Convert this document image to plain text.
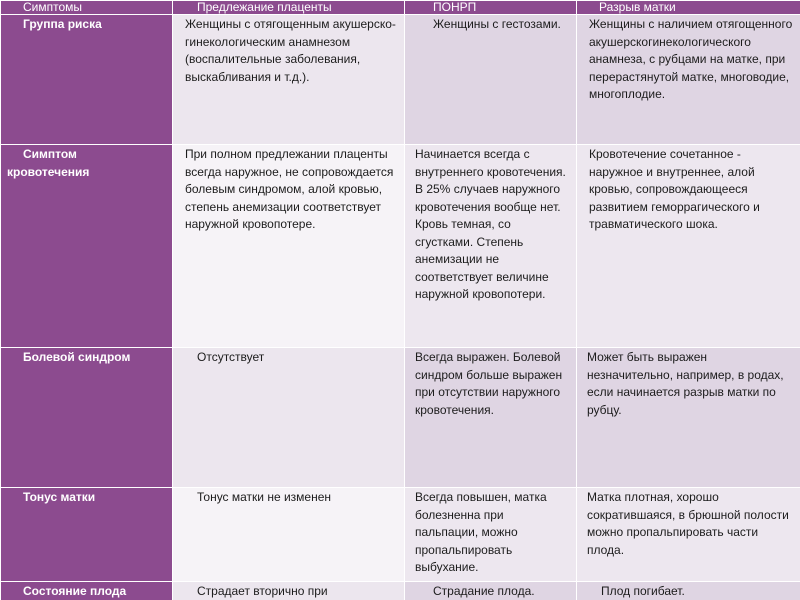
Симптомы	Предлежание плаценты	ПОНРП	Разрыв матки

Группа риска	Женщины с отягощенным акушерско-гинекологическим анамнезом (воспалительные заболевания, выскабливания и т.д.).	Женщины с гестозами.	Женщины с наличием отягощенного акушерскогинекологического анамнеза, с рубцами на матке, при перерастянутой матке, многоводие, многоплодие.

Симптом
кровотечения	При полном предлежании плаценты всегда наружное, не сопровождается болевым синдромом, алой кровью, степень анемизации соответствует наружной кровопотере.	Начинается всегда с внутреннего кровотечения. В 25% случаев наружного кровотечения вообще нет. Кровь темная, со сгустками. Степень анемизации не соответствует величине наружной кровопотери.	Кровотечение сочетанное - наружное и внутреннее, алой кровью, сопровождающееся развитием геморрагического и травматического шока.

Болевой синдром	Отсутствует	Всегда выражен. Болевой синдром больше выражен при отсутствии наружного кровотечения.	Может быть выражен незначительно, например, в родах, если начинается разрыв матки по рубцу.

Тонус матки	Тонус матки не изменен	Всегда повышен, матка болезненна при пальпации, можно пропальпировать выбухание.	Матка плотная, хорошо сократившаяся, в брюшной полости можно пропальпировать части плода.

Состояние плода	Страдает вторично при	Страдание плода.	Плод погибает.
